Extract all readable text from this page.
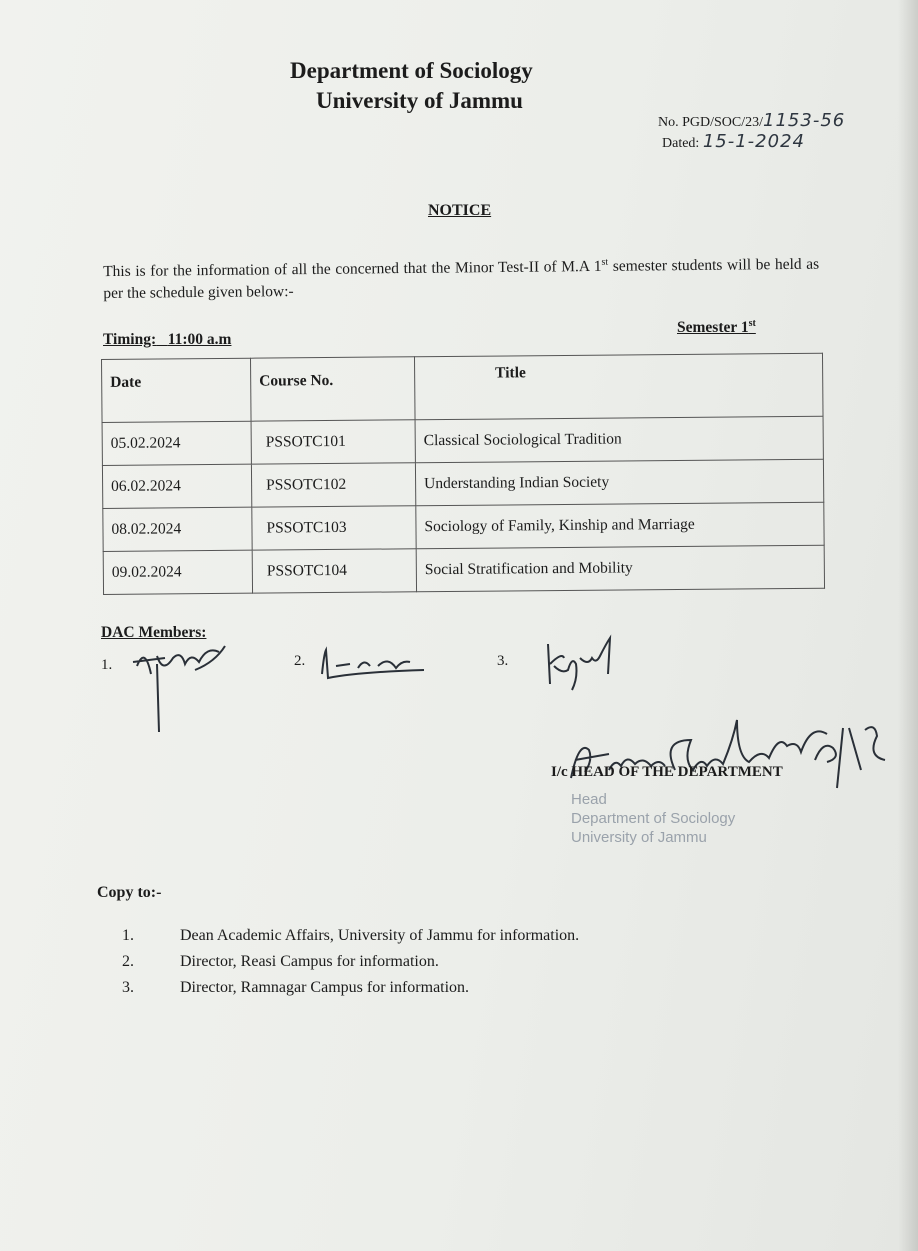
Department of Sociology
University of Jammu
No. PGD/SOC/23/1153-56
Dated: 15-1-2024
NOTICE
This is for the information of all the concerned that the Minor Test-II of M.A 1st semester students will be held as per the schedule given below:-
Timing: 11:00 a.m
Semester 1st
Date	Course No.	Title
05.02.2024	PSSOTC101	Classical Sociological Tradition
06.02.2024	PSSOTC102	Understanding Indian Society
08.02.2024	PSSOTC103	Sociology of Family, Kinship and Marriage
09.02.2024	PSSOTC104	Social Stratification and Mobility
DAC Members:
1.	2.	3.
I/c HEAD OF THE DEPARTMENT
Head
Department of Sociology
University of Jammu
Copy to:-
1.	Dean Academic Affairs, University of Jammu for information.
2.	Director, Reasi Campus for information.
3.	Director, Ramnagar Campus for information.
